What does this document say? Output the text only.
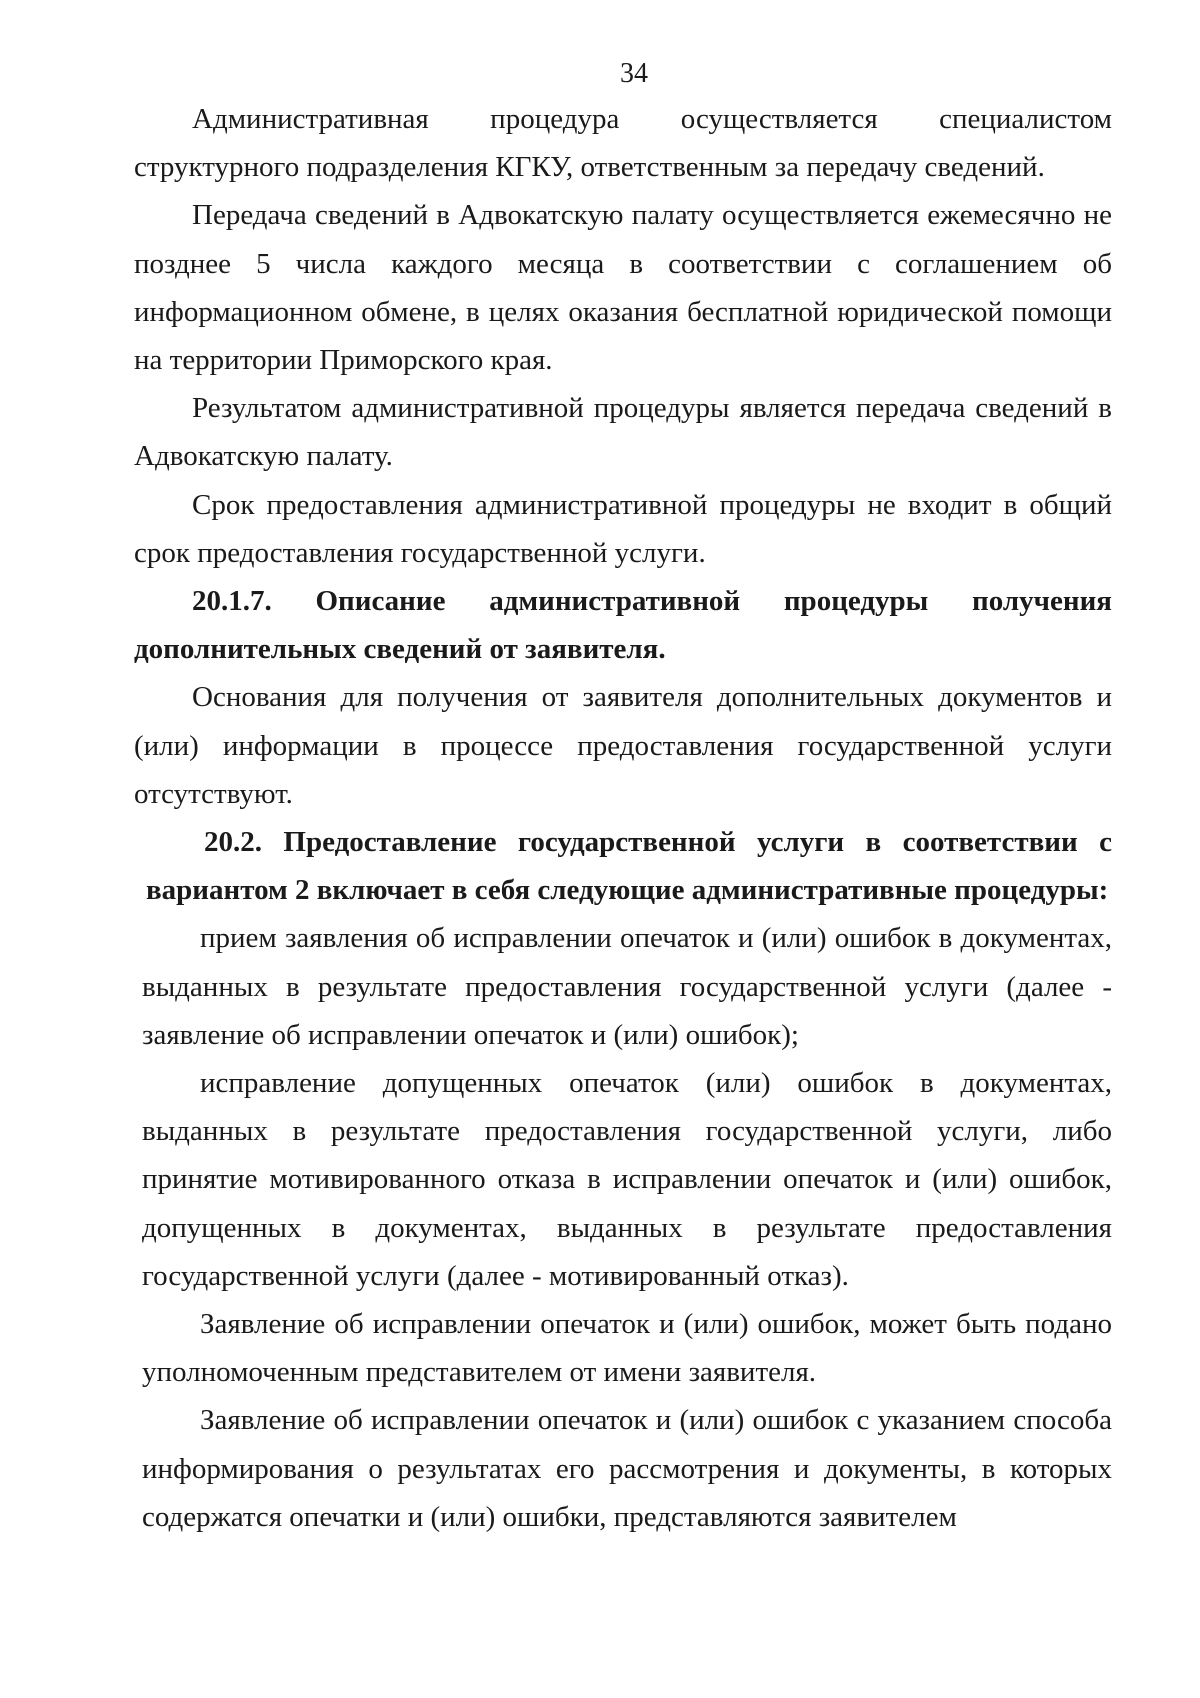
34

Административная процедура осуществляется специалистом структурного подразделения КГКУ, ответственным за передачу сведений.

Передача сведений в Адвокатскую палату осуществляется ежемесячно не позднее 5 числа каждого месяца в соответствии с соглашением об информационном обмене, в целях оказания бесплатной юридической помощи на территории Приморского края.

Результатом административной процедуры является передача сведений в Адвокатскую палату.

Срок предоставления административной процедуры не входит в общий срок предоставления государственной услуги.

20.1.7. Описание административной процедуры получения дополнительных сведений от заявителя.

Основания для получения от заявителя дополнительных документов и (или) информации в процессе предоставления государственной услуги отсутствуют.

20.2. Предоставление государственной услуги в соответствии с вариантом 2 включает в себя следующие административные процедуры:

прием заявления об исправлении опечаток и (или) ошибок в документах, выданных в результате предоставления государственной услуги (далее - заявление об исправлении опечаток и (или) ошибок);

исправление допущенных опечаток (или) ошибок в документах, выданных в результате предоставления государственной услуги, либо принятие мотивированного отказа в исправлении опечаток и (или) ошибок, допущенных в документах, выданных в результате предоставления государственной услуги (далее - мотивированный отказ).

Заявление об исправлении опечаток и (или) ошибок, может быть подано уполномоченным представителем от имени заявителя.

Заявление об исправлении опечаток и (или) ошибок с указанием способа информирования о результатах его рассмотрения и документы, в которых содержатся опечатки и (или) ошибки, представляются заявителем
